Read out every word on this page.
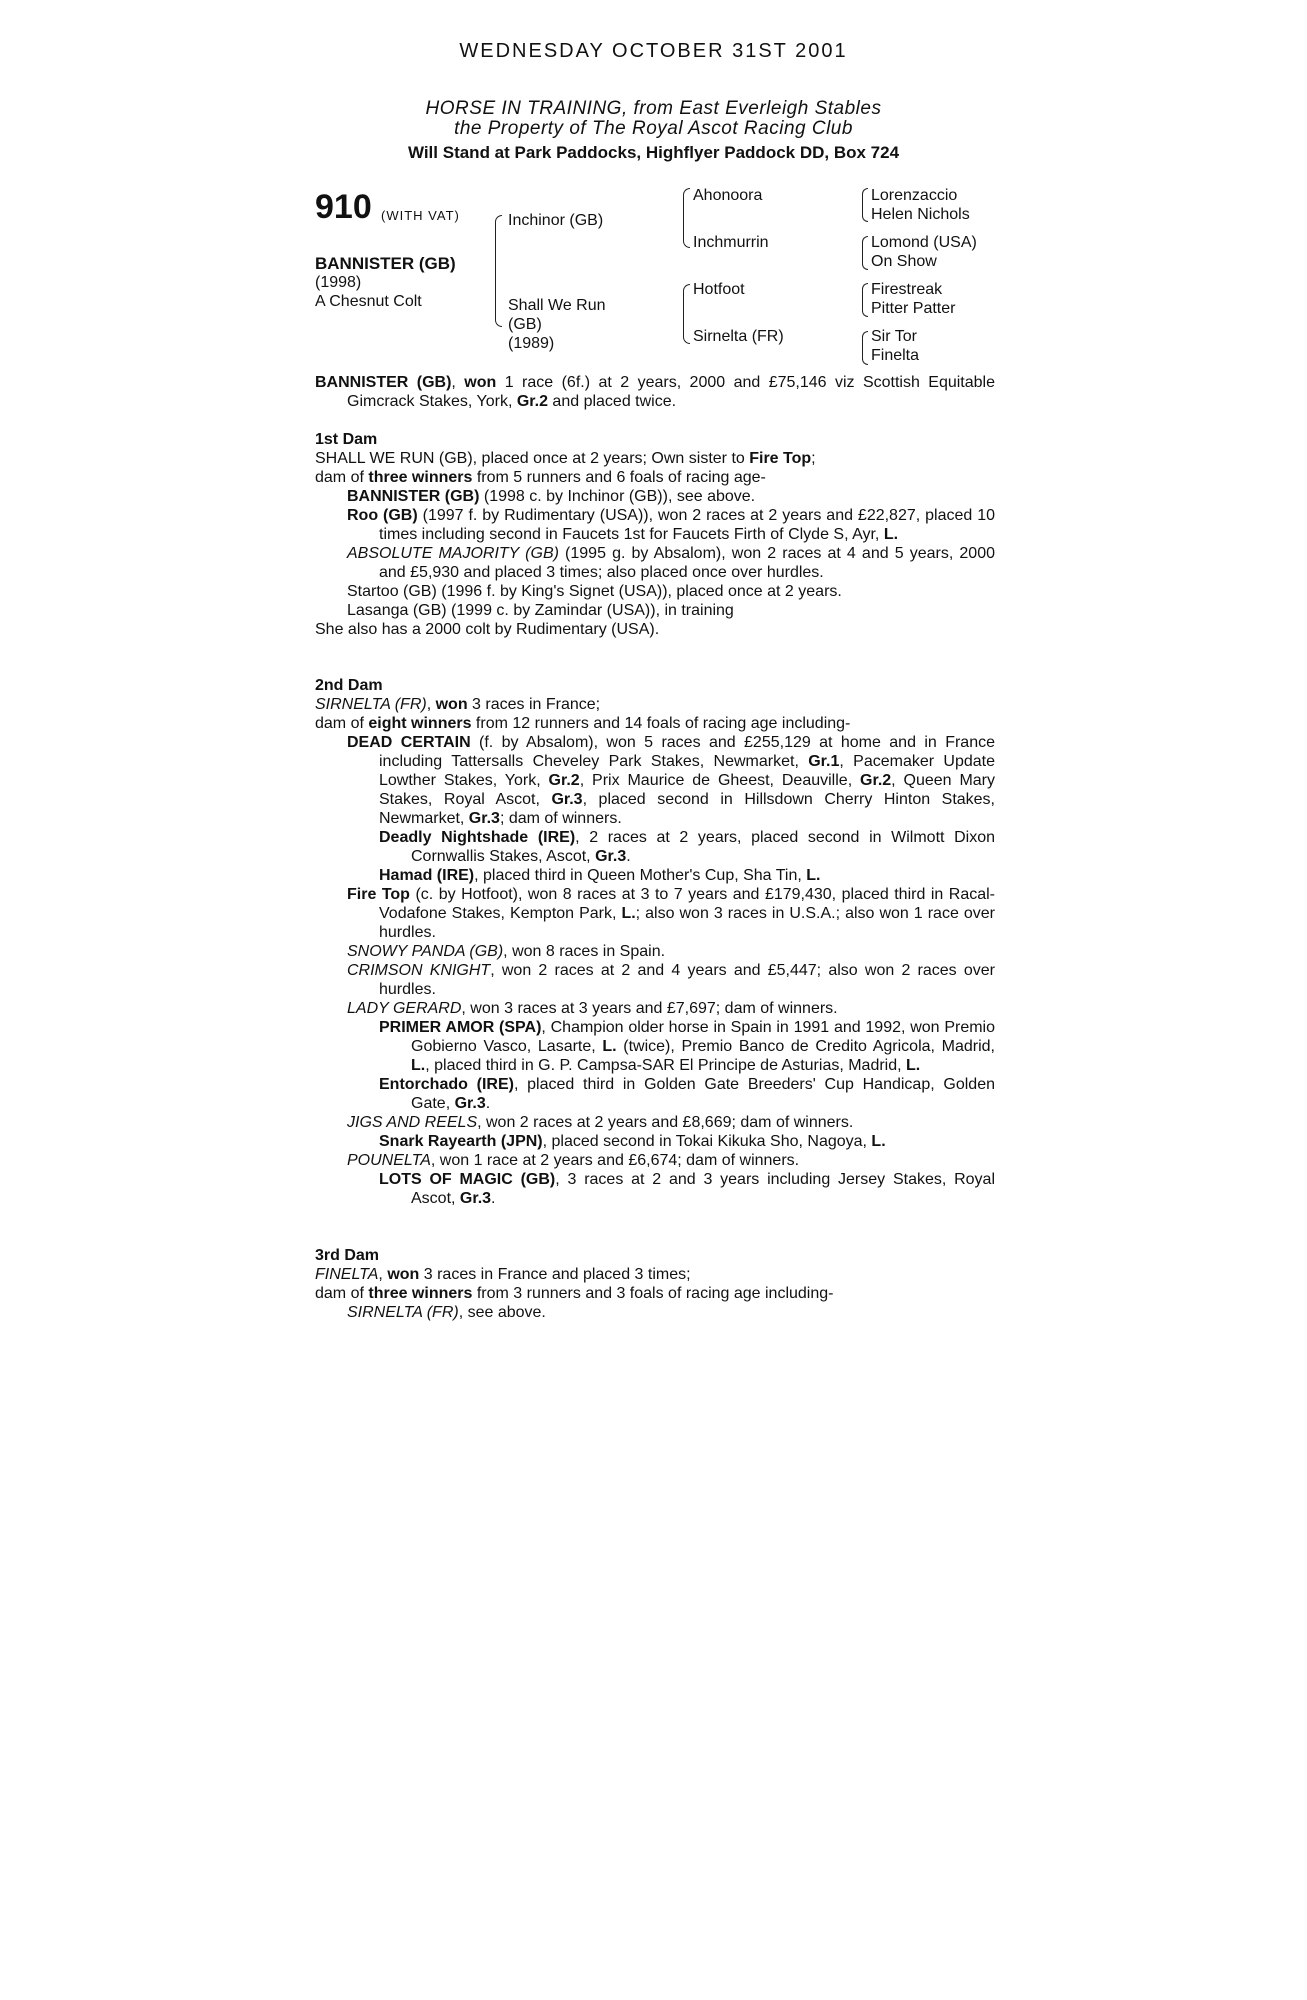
WEDNESDAY OCTOBER 31ST 2001
HORSE IN TRAINING, from East Everleigh Stables
the Property of The Royal Ascot Racing Club
Will Stand at Park Paddocks, Highflyer Paddock DD, Box 724
910 (WITH VAT)
BANNISTER (GB)
(1998)
A Chesnut Colt
Inchinor (GB)
Shall We Run
(GB)
(1989)
Ahonoora
Inchmurrin
Hotfoot
Sirnelta (FR)
Lorenzaccio
Helen Nichols
Lomond (USA)
On Show
Firestreak
Pitter Patter
Sir Tor
Finelta

BANNISTER (GB), won 1 race (6f.) at 2 years, 2000 and £75,146 viz Scottish Equitable Gimcrack Stakes, York, Gr.2 and placed twice.

1st Dam

SHALL WE RUN (GB), placed once at 2 years; Own sister to Fire Top;

dam of three winners from 5 runners and 6 foals of racing age-

BANNISTER (GB) (1998 c. by Inchinor (GB)), see above.

Roo (GB) (1997 f. by Rudimentary (USA)), won 2 races at 2 years and £22,827, placed 10 times including second in Faucets 1st for Faucets Firth of Clyde S, Ayr, L.

ABSOLUTE MAJORITY (GB) (1995 g. by Absalom), won 2 races at 4 and 5 years, 2000 and £5,930 and placed 3 times; also placed once over hurdles.

Startoo (GB) (1996 f. by King's Signet (USA)), placed once at 2 years.

Lasanga (GB) (1999 c. by Zamindar (USA)), in training

She also has a 2000 colt by Rudimentary (USA).

2nd Dam

SIRNELTA (FR), won 3 races in France;

dam of eight winners from 12 runners and 14 foals of racing age including-

DEAD CERTAIN (f. by Absalom), won 5 races and £255,129 at home and in France including Tattersalls Cheveley Park Stakes, Newmarket, Gr.1, Pacemaker Update Lowther Stakes, York, Gr.2, Prix Maurice de Gheest, Deauville, Gr.2, Queen Mary Stakes, Royal Ascot, Gr.3, placed second in Hillsdown Cherry Hinton Stakes, Newmarket, Gr.3; dam of winners.

Deadly Nightshade (IRE), 2 races at 2 years, placed second in Wilmott Dixon Cornwallis Stakes, Ascot, Gr.3.

Hamad (IRE), placed third in Queen Mother's Cup, Sha Tin, L.

Fire Top (c. by Hotfoot), won 8 races at 3 to 7 years and £179,430, placed third in Racal-Vodafone Stakes, Kempton Park, L.; also won 3 races in U.S.A.; also won 1 race over hurdles.

SNOWY PANDA (GB), won 8 races in Spain.

CRIMSON KNIGHT, won 2 races at 2 and 4 years and £5,447; also won 2 races over hurdles.

LADY GERARD, won 3 races at 3 years and £7,697; dam of winners.

PRIMER AMOR (SPA), Champion older horse in Spain in 1991 and 1992, won Premio Gobierno Vasco, Lasarte, L. (twice), Premio Banco de Credito Agricola, Madrid, L., placed third in G. P. Campsa-SAR El Principe de Asturias, Madrid, L.

Entorchado (IRE), placed third in Golden Gate Breeders' Cup Handicap, Golden Gate, Gr.3.

JIGS AND REELS, won 2 races at 2 years and £8,669; dam of winners.

Snark Rayearth (JPN), placed second in Tokai Kikuka Sho, Nagoya, L.

POUNELTA, won 1 race at 2 years and £6,674; dam of winners.

LOTS OF MAGIC (GB), 3 races at 2 and 3 years including Jersey Stakes, Royal Ascot, Gr.3.

3rd Dam

FINELTA, won 3 races in France and placed 3 times;

dam of three winners from 3 runners and 3 foals of racing age including-

SIRNELTA (FR), see above.
